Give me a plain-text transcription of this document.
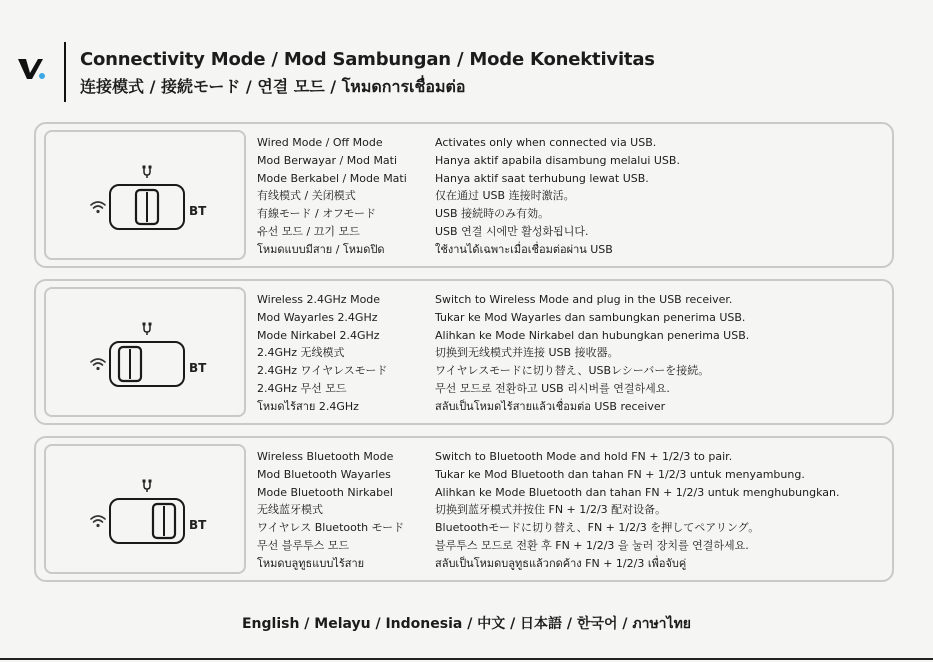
Connectivity Mode / Mod Sambungan / Mode Konektivitas
连接模式 / 接続モード / 연결 모드 / โหมดการเชื่อมต่อ
BT
Wired Mode / Off Mode
Mod Berwayar / Mod Mati
Mode Berkabel / Mode Mati
有线模式 / 关闭模式
有線モード / オフモード
유선 모드 / 끄기 모드
โหมดแบบมีสาย / โหมดปิด
Activates only when connected via USB.
Hanya aktif apabila disambung melalui USB.
Hanya aktif saat terhubung lewat USB.
仅在通过 USB 连接时激活。
USB 接続時のみ有効。
USB 연결 시에만 활성화됩니다.
ใช้งานได้เฉพาะเมื่อเชื่อมต่อผ่าน USB
BT
Wireless 2.4GHz Mode
Mod Wayarles 2.4GHz
Mode Nirkabel 2.4GHz
2.4GHz 无线模式
2.4GHz ワイヤレスモード
2.4GHz 무선 모드
โหมดไร้สาย 2.4GHz
Switch to Wireless Mode and plug in the USB receiver.
Tukar ke Mod Wayarles dan sambungkan penerima USB.
Alihkan ke Mode Nirkabel dan hubungkan penerima USB.
切换到无线模式并连接 USB 接收器。
ワイヤレスモードに切り替え、USBレシーバーを接続。
무선 모드로 전환하고 USB 리시버를 연결하세요.
สลับเป็นโหมดไร้สายแล้วเชื่อมต่อ USB receiver
BT
Wireless Bluetooth Mode
Mod Bluetooth Wayarles
Mode Bluetooth Nirkabel
无线蓝牙模式
ワイヤレス Bluetooth モード
무선 블루투스 모드
โหมดบลูทูธแบบไร้สาย
Switch to Bluetooth Mode and hold FN + 1/2/3 to pair.
Tukar ke Mod Bluetooth dan tahan FN + 1/2/3 untuk menyambung.
Alihkan ke Mode Bluetooth dan tahan FN + 1/2/3 untuk menghubungkan.
切换到蓝牙模式并按住 FN + 1/2/3 配对设备。
Bluetoothモードに切り替え、FN + 1/2/3 を押してペアリング。
블루투스 모드로 전환 후 FN + 1/2/3 을 눌러 장치를 연결하세요.
สลับเป็นโหมดบลูทูธแล้วกดค้าง FN + 1/2/3 เพื่อจับคู่
English / Melayu / Indonesia / 中文 / 日本語 / 한국어 / ภาษาไทย
